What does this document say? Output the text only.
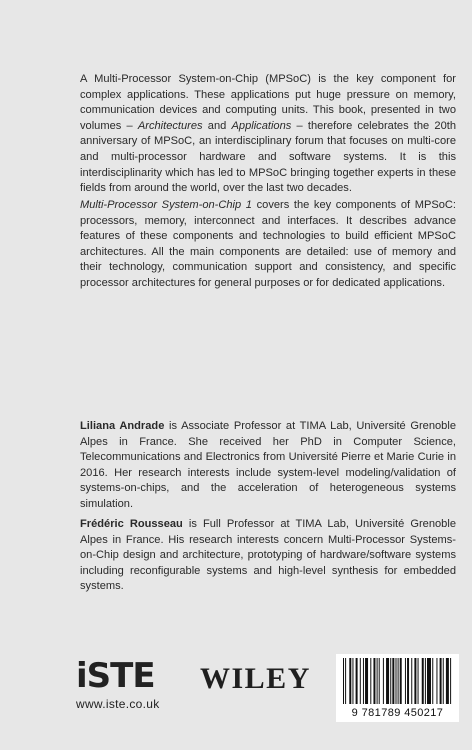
A Multi-Processor System-on-Chip (MPSoC) is the key component for complex applications. These applications put huge pressure on memory, communication devices and computing units. This book, presented in two volumes – Architectures and Applications – therefore celebrates the 20th anniversary of MPSoC, an interdisciplinary forum that focuses on multi-core and multi-processor hardware and software systems. It is this interdisciplinarity which has led to MPSoC bringing together experts in these fields from around the world, over the last two decades.

Multi-Processor System-on-Chip 1 covers the key components of MPSoC: processors, memory, interconnect and interfaces. It describes advance features of these components and technologies to build efficient MPSoC architectures. All the main components are detailed: use of memory and their technology, communication support and consistency, and specific processor architectures for general purposes or for dedicated applications.

Liliana Andrade is Associate Professor at TIMA Lab, Université Grenoble Alpes in France. She received her PhD in Computer Science, Telecommunications and Electronics from Université Pierre et Marie Curie in 2016. Her research interests include system-level modeling/validation of systems-on-chips, and the acceleration of heterogeneous systems simulation.

Frédéric Rousseau is Full Professor at TIMA Lab, Université Grenoble Alpes in France. His research interests concern Multi-Processor Systems-on-Chip design and architecture, prototyping of hardware/software systems including reconfigurable systems and high-level synthesis for embedded systems.

iSTE
www.iste.co.uk
WILEY
9 781789 450217
